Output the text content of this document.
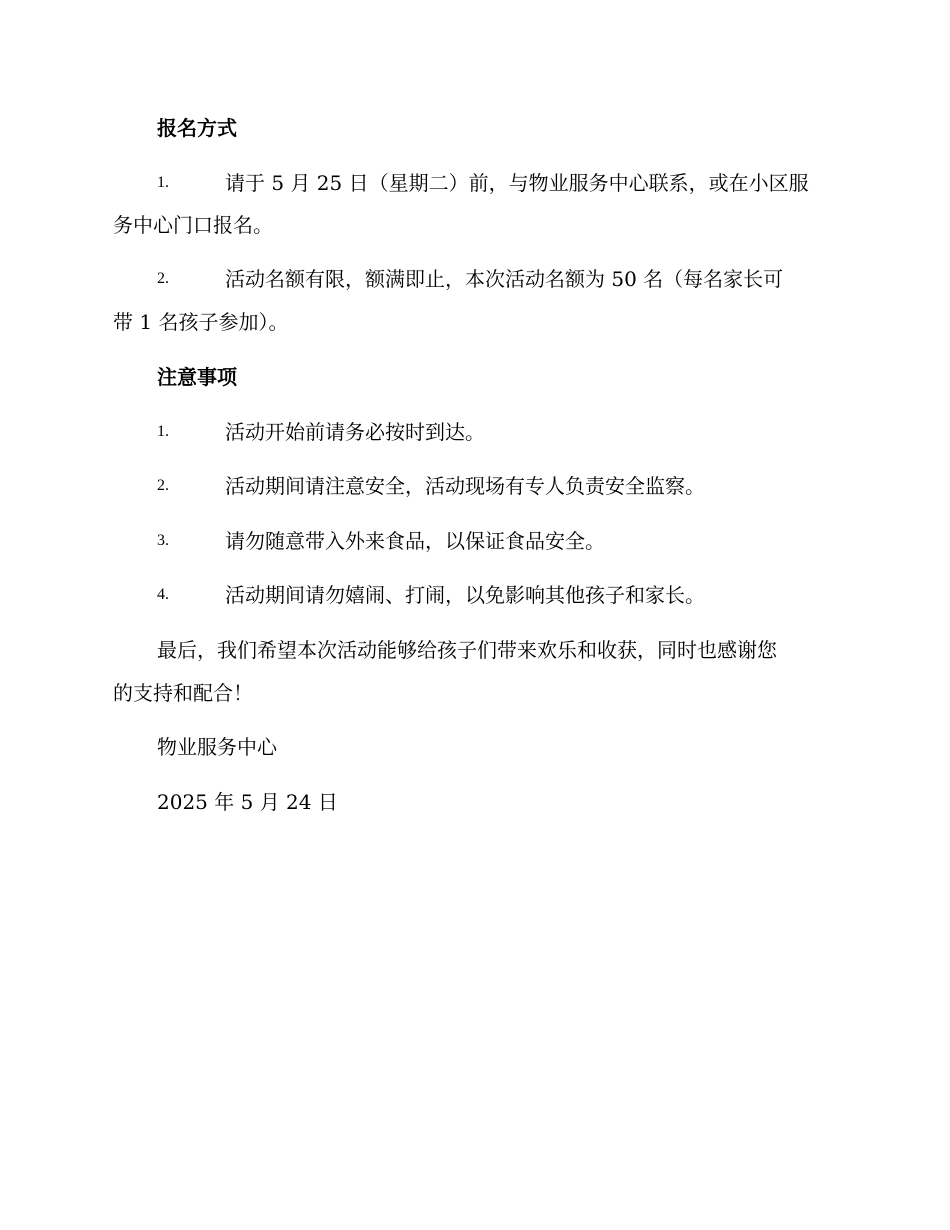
报名方式
1.	请于 5 月 25 日（星期二）前，与物业服务中心联系，或在小区服
务中心门口报名。
2.	活动名额有限，额满即止，本次活动名额为 50 名（每名家长可
带 1 名孩子参加）。
注意事项
1.	活动开始前请务必按时到达。
2.	活动期间请注意安全，活动现场有专人负责安全监察。
3.	请勿随意带入外来食品，以保证食品安全。
4.	活动期间请勿嬉闹、打闹，以免影响其他孩子和家长。
最后，我们希望本次活动能够给孩子们带来欢乐和收获，同时也感谢您
的支持和配合！
物业服务中心
2025 年 5 月 24 日
